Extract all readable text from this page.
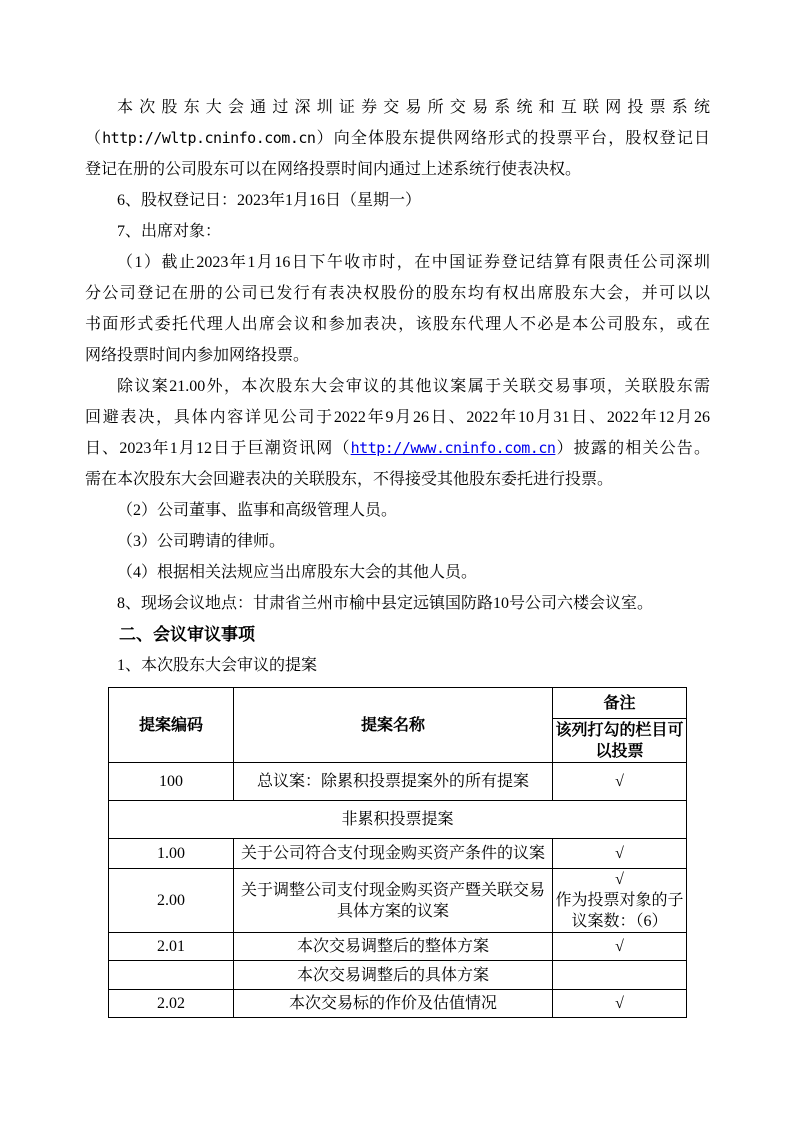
本次股东大会通过深圳证券交易所交易系统和互联网投票系统
（http://wltp.cninfo.com.cn）向全体股东提供网络形式的投票平台，股权登记日
登记在册的公司股东可以在网络投票时间内通过上述系统行使表决权。
6、股权登记日：2023年1月16日（星期一）
7、出席对象：
（1）截止2023年1月16日下午收市时，在中国证券登记结算有限责任公司深圳
分公司登记在册的公司已发行有表决权股份的股东均有权出席股东大会，并可以以
书面形式委托代理人出席会议和参加表决，该股东代理人不必是本公司股东，或在
网络投票时间内参加网络投票。
除议案21.00外，本次股东大会审议的其他议案属于关联交易事项，关联股东需
回避表决，具体内容详见公司于2022年9月26日、2022年10月31日、2022年12月26
日、2023年1月12日于巨潮资讯网（http://www.cninfo.com.cn）披露的相关公告。
需在本次股东大会回避表决的关联股东，不得接受其他股东委托进行投票。
（2）公司董事、监事和高级管理人员。
（3）公司聘请的律师。
（4）根据相关法规应当出席股东大会的其他人员。
8、现场会议地点：甘肃省兰州市榆中县定远镇国防路10号公司六楼会议室。
二、会议审议事项
1、本次股东大会审议的提案
提案编码	提案名称	备注
		该列打勾的栏目可以投票
100	总议案：除累积投票提案外的所有提案	√
非累积投票提案		
1.00	关于公司符合支付现金购买资产条件的议案	√
2.00	关于调整公司支付现金购买资产暨关联交易具体方案的议案	√
作为投票对象的子议案数：（6）

2.01	本次交易调整后的整体方案	√
	本次交易调整后的具体方案	
2.02	本次交易标的作价及估值情况	√
